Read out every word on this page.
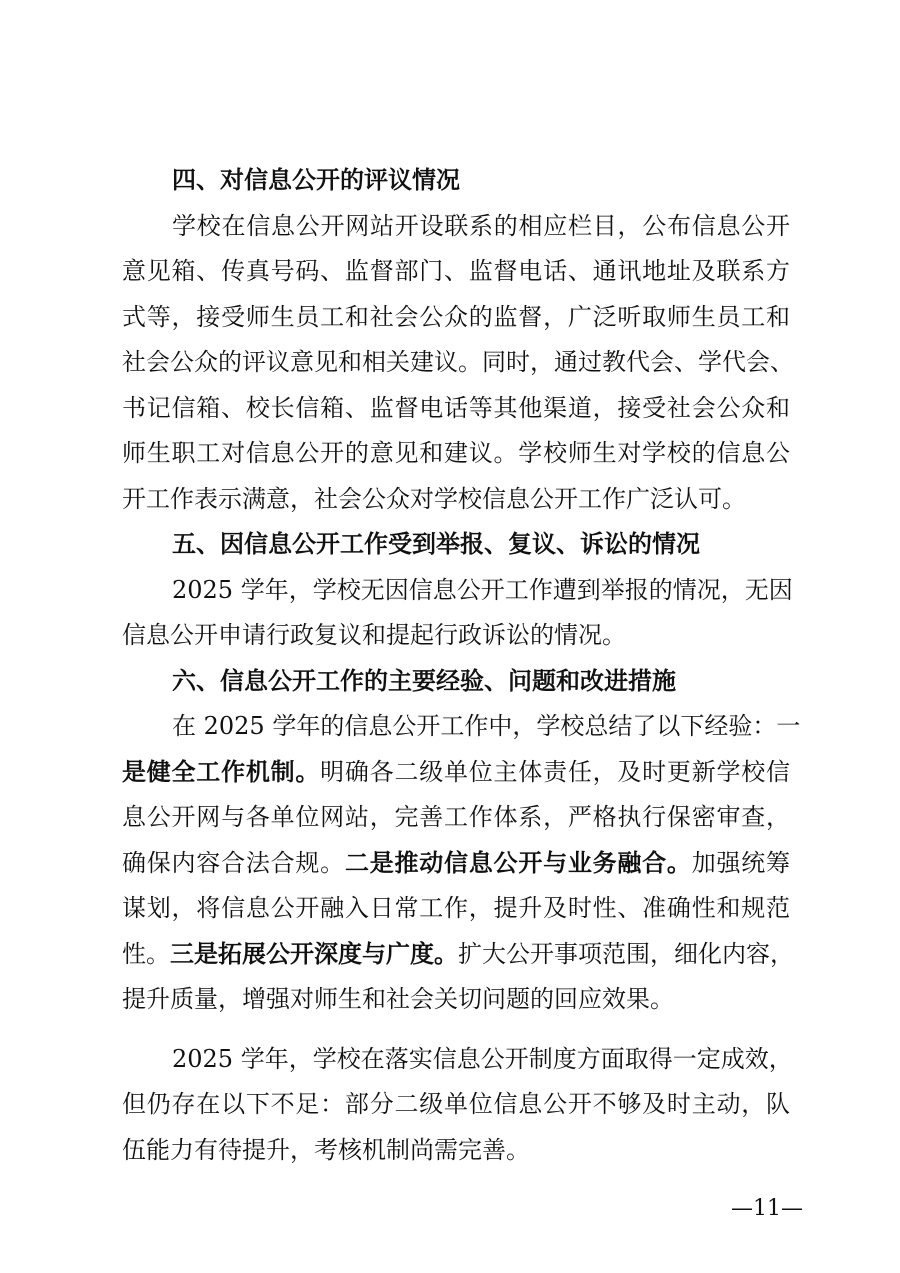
四、对信息公开的评议情况
学校在信息公开网站开设联系的相应栏目，公布信息公开
意见箱、传真号码、监督部门、监督电话、通讯地址及联系方
式等，接受师生员工和社会公众的监督，广泛听取师生员工和
社会公众的评议意见和相关建议。同时，通过教代会、学代会、
书记信箱、校长信箱、监督电话等其他渠道，接受社会公众和
师生职工对信息公开的意见和建议。学校师生对学校的信息公
开工作表示满意，社会公众对学校信息公开工作广泛认可。
五、因信息公开工作受到举报、复议、诉讼的情况
2025 学年，学校无因信息公开工作遭到举报的情况，无因
信息公开申请行政复议和提起行政诉讼的情况。
六、信息公开工作的主要经验、问题和改进措施
在 2025 学年的信息公开工作中，学校总结了以下经验：一
是健全工作机制。明确各二级单位主体责任，及时更新学校信
息公开网与各单位网站，完善工作体系，严格执行保密审查，
确保内容合法合规。二是推动信息公开与业务融合。加强统筹
谋划，将信息公开融入日常工作，提升及时性、准确性和规范
性。三是拓展公开深度与广度。扩大公开事项范围，细化内容，
提升质量，增强对师生和社会关切问题的回应效果。
2025 学年，学校在落实信息公开制度方面取得一定成效，
但仍存在以下不足：部分二级单位信息公开不够及时主动，队
伍能力有待提升，考核机制尚需完善。
—11—
